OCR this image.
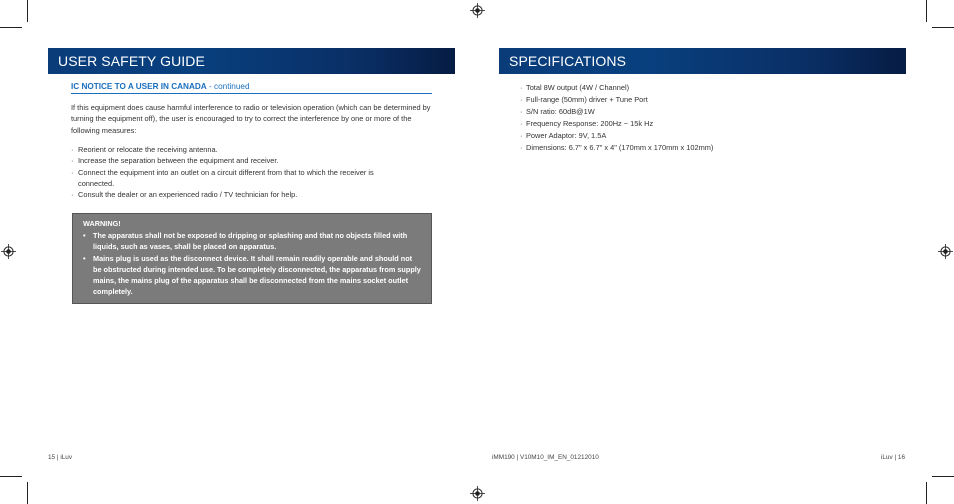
USER SAFETY GUIDE
IC NOTICE TO A USER IN CANADA - continued

If this equipment does cause harmful interference to radio or television operation (which can be determined by turning the equipment off), the user is encouraged to try to correct the interference by one or more of the following measures:

· Reorient or relocate the receiving antenna.
· Increase the separation between the equipment and receiver.
· Connect the equipment into an outlet on a circuit different from that to which the receiver is connected.
· Consult the dealer or an experienced radio / TV technician for help.
WARNING!
• The apparatus shall not be exposed to dripping or splashing and that no objects filled with liquids, such as vases, shall be placed on apparatus.
• Mains plug is used as the disconnect device. It shall remain readily operable and should not be obstructed during intended use. To be completely disconnected, the apparatus from supply mains, the mains plug of the apparatus shall be disconnected from the mains socket outlet completely.
15 | iLuv
SPECIFICATIONS
· Total 8W output (4W / Channel)
· Full-range (50mm) driver + Tune Port
· S/N ratio: 60dB@1W
· Frequency Response: 200Hz ~ 15k Hz
· Power Adaptor: 9V, 1.5A
· Dimensions: 6.7" x 6.7" x 4" (170mm x 170mm x 102mm)
iMM190 | V10M10_IM_EN_01212010	iLuv | 16
